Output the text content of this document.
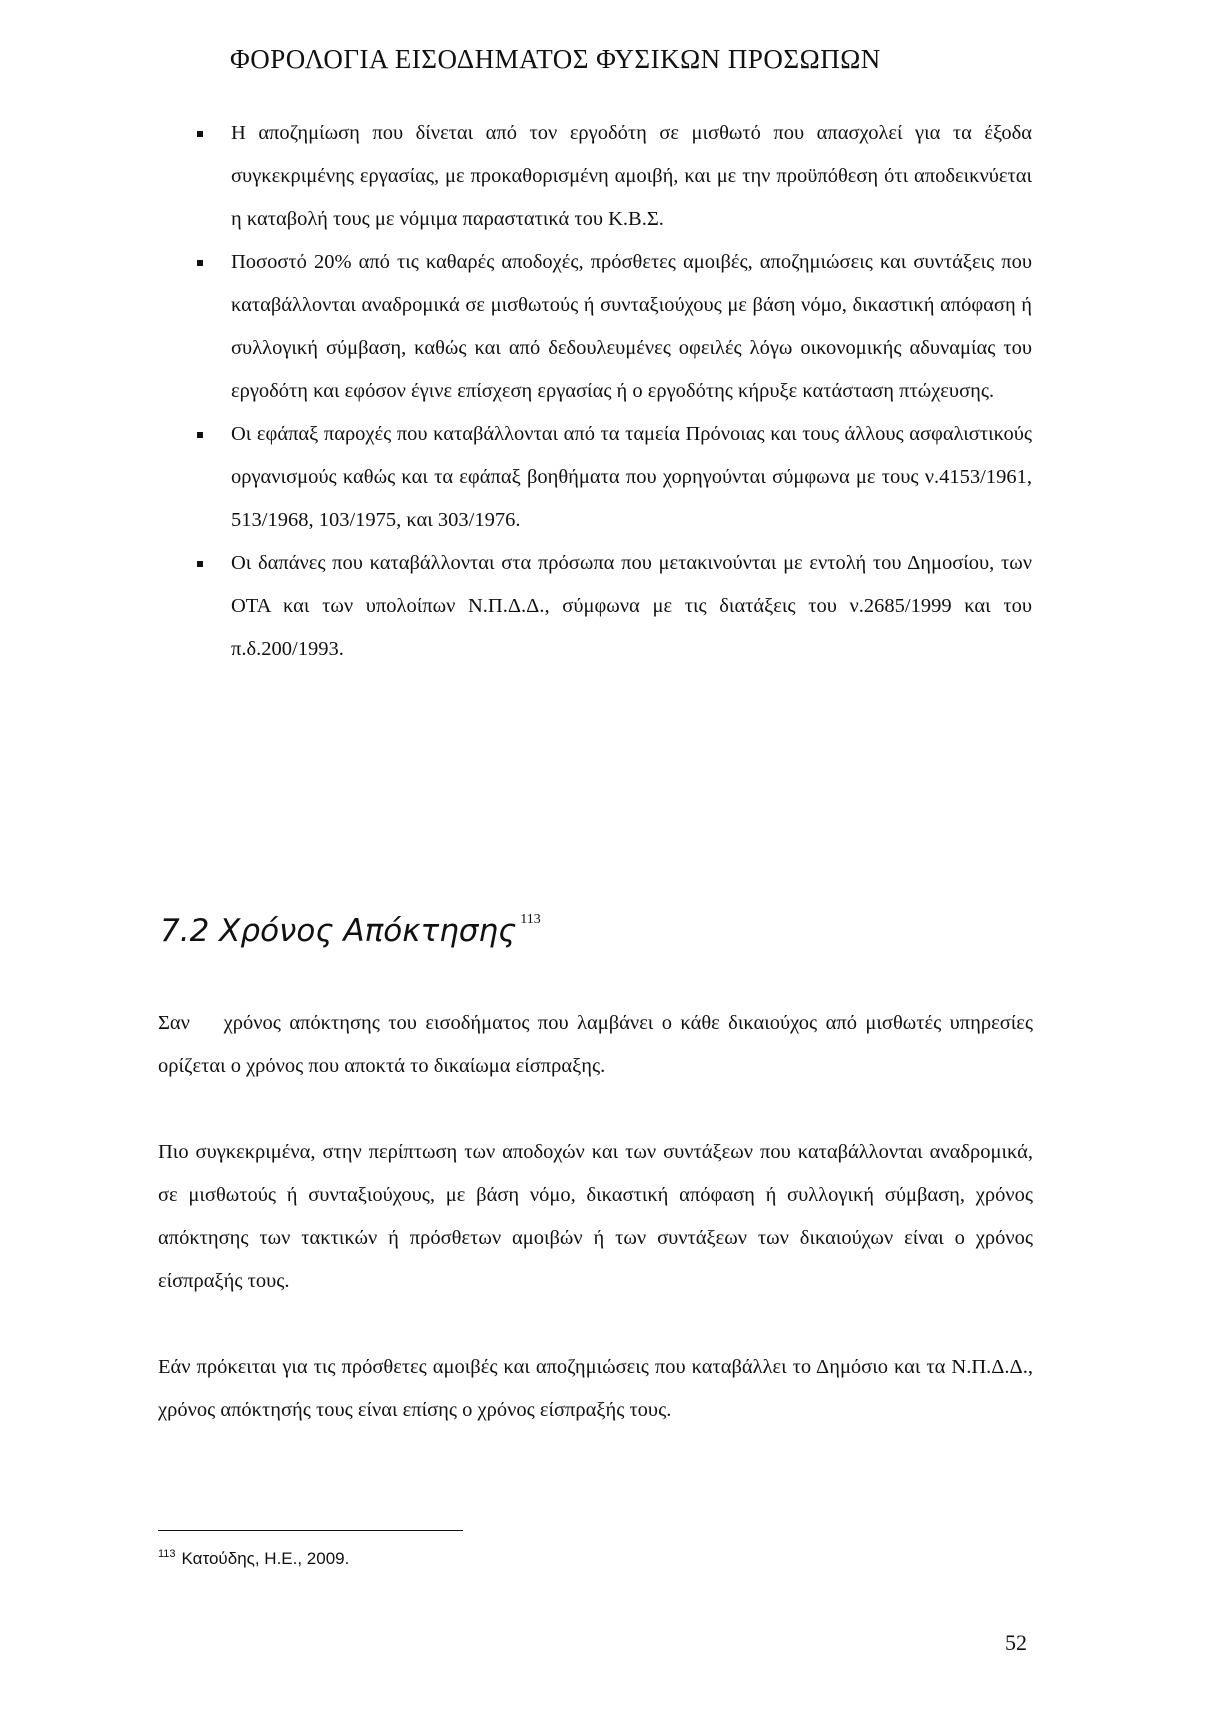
ΦΟΡΟΛΟΓΙΑ ΕΙΣΟΔΗΜΑΤΟΣ ΦΥΣΙΚΩΝ ΠΡΟΣΩΠΩΝ
Η αποζημίωση που δίνεται από τον εργοδότη σε μισθωτό που απασχολεί για τα έξοδα συγκεκριμένης εργασίας, με προκαθορισμένη αμοιβή, και με την προϋπόθεση ότι αποδεικνύεται η καταβολή τους με νόμιμα παραστατικά του Κ.Β.Σ.
Ποσοστό 20% από τις καθαρές αποδοχές, πρόσθετες αμοιβές, αποζημιώσεις και συντάξεις που καταβάλλονται αναδρομικά σε μισθωτούς ή συνταξιούχους με βάση νόμο, δικαστική απόφαση ή συλλογική σύμβαση, καθώς και από δεδουλευμένες οφειλές λόγω οικονομικής αδυναμίας του εργοδότη και εφόσον έγινε επίσχεση εργασίας ή ο εργοδότης κήρυξε κατάσταση πτώχευσης.
Οι εφάπαξ παροχές που καταβάλλονται από τα ταμεία Πρόνοιας και τους άλλους ασφαλιστικούς οργανισμούς καθώς και τα εφάπαξ βοηθήματα που χορηγούνται σύμφωνα με τους ν.4153/1961, 513/1968, 103/1975, και 303/1976.
Οι δαπάνες που καταβάλλονται στα πρόσωπα που μετακινούνται με εντολή του Δημοσίου, των ΟΤΑ και των υπολοίπων Ν.Π.Δ.Δ., σύμφωνα με τις διατάξεις του ν.2685/1999 και του π.δ.200/1993.
7.2 Χρόνος Απόκτησης $^{113}$
Σαν    χρόνος απόκτησης του εισοδήματος που λαμβάνει ο κάθε δικαιούχος από μισθωτές υπηρεσίες ορίζεται ο χρόνος που αποκτά το δικαίωμα είσπραξης.
Πιο συγκεκριμένα, στην περίπτωση των αποδοχών και των συντάξεων που καταβάλλονται αναδρομικά, σε μισθωτούς ή συνταξιούχους, με βάση νόμο, δικαστική απόφαση ή συλλογική σύμβαση, χρόνος απόκτησης των τακτικών ή πρόσθετων αμοιβών ή των συντάξεων των δικαιούχων είναι ο χρόνος είσπραξής τους.
Εάν πρόκειται για τις πρόσθετες αμοιβές και αποζημιώσεις που καταβάλλει το Δημόσιο και τα Ν.Π.Δ.Δ., χρόνος απόκτησής τους είναι επίσης ο χρόνος είσπραξής τους.
$^{113}$ Κατούδης, Η.Ε., 2009.
52
